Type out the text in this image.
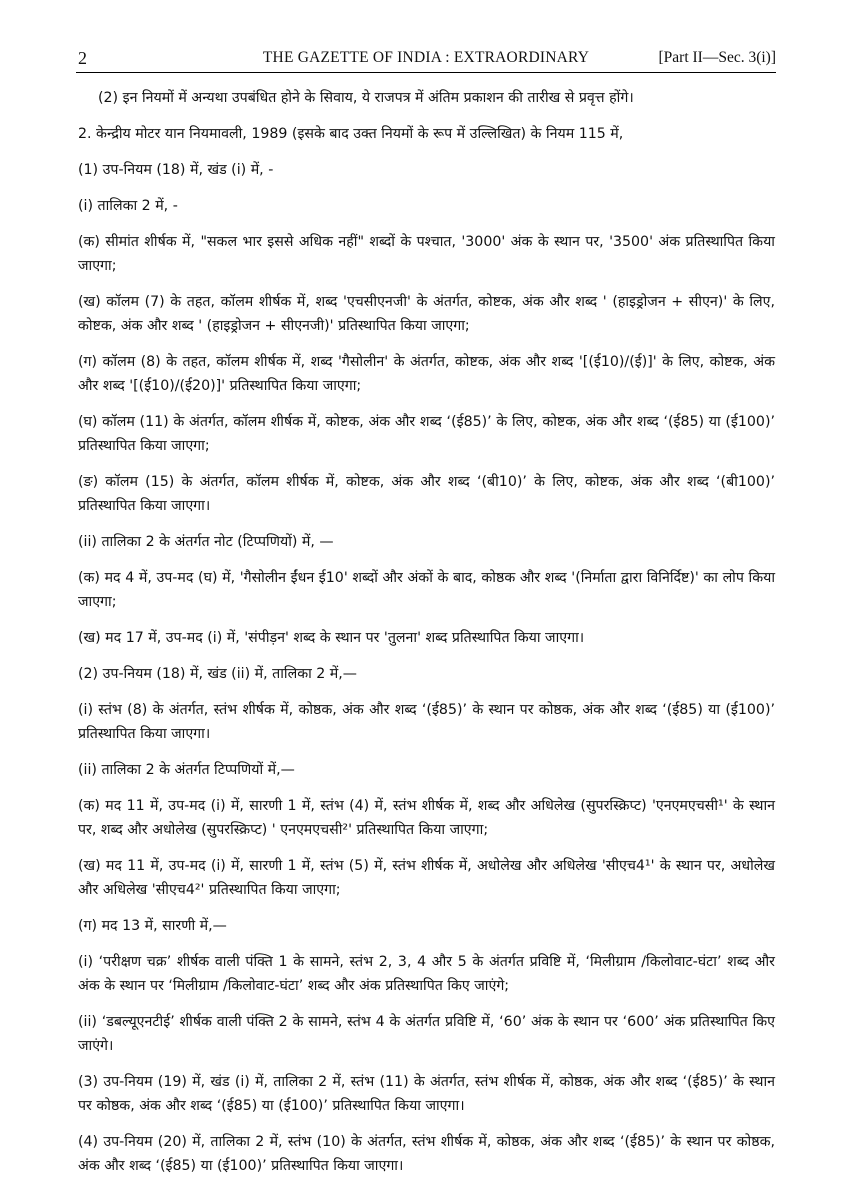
2	THE GAZETTE OF INDIA : EXTRAORDINARY	[Part II—Sec. 3(i)]

(2) इन नियमों में अन्यथा उपबंधित होने के सिवाय, ये राजपत्र में अंतिम प्रकाशन की तारीख से प्रवृत्त होंगे।

2. केन्द्रीय मोटर यान नियमावली, 1989 (इसके बाद उक्त नियमों के रूप में उल्लिखित) के नियम 115 में,

(1) उप-नियम (18) में, खंड (i) में, -

(i) तालिका 2 में, -

(क) सीमांत शीर्षक में, "सकल भार इससे अधिक नहीं" शब्दों के पश्चात, '3000' अंक के स्थान पर, '3500' अंक प्रतिस्थापित किया जाएगा;

(ख) कॉलम (7) के तहत, कॉलम शीर्षक में, शब्द 'एचसीएनजी' के अंतर्गत, कोष्टक, अंक और शब्द ' (हाइड्रोजन + सीएन)' के लिए, कोष्टक, अंक और शब्द ' (हाइड्रोजन + सीएनजी)' प्रतिस्थापित किया जाएगा;

(ग) कॉलम (8) के तहत, कॉलम शीर्षक में, शब्द 'गैसोलीन' के अंतर्गत, कोष्टक, अंक और शब्द '[(ई10)/(ई)]' के लिए, कोष्टक, अंक और शब्द '[(ई10)/(ई20)]' प्रतिस्थापित किया जाएगा;

(घ) कॉलम (11) के अंतर्गत, कॉलम शीर्षक में, कोष्टक, अंक और शब्द ‘(ई85)’ के लिए, कोष्टक, अंक और शब्द ‘(ई85) या (ई100)’ प्रतिस्थापित किया जाएगा;

(ङ) कॉलम (15) के अंतर्गत, कॉलम शीर्षक में, कोष्टक, अंक और शब्द ‘(बी10)’ के लिए, कोष्टक, अंक और शब्द ‘(बी100)’ प्रतिस्थापित किया जाएगा।

(ii) तालिका 2 के अंतर्गत नोट (टिप्पणियों) में, —

(क) मद 4 में, उप-मद (घ) में, 'गैसोलीन ईंधन ई10' शब्दों और अंकों के बाद, कोष्ठक और शब्द '(निर्माता द्वारा विनिर्दिष्ट)' का लोप किया जाएगा;

(ख) मद 17 में, उप-मद (i) में, 'संपीड़न' शब्द के स्थान पर 'तुलना' शब्द प्रतिस्थापित किया जाएगा।

(2) उप-नियम (18) में, खंड (ii) में, तालिका 2 में,—

(i) स्तंभ (8) के अंतर्गत, स्तंभ शीर्षक में, कोष्ठक, अंक और शब्द ‘(ई85)’ के स्थान पर कोष्ठक, अंक और शब्द ‘(ई85) या (ई100)’ प्रतिस्थापित किया जाएगा।

(ii) तालिका 2 के अंतर्गत टिप्पणियों में,—

(क) मद 11 में, उप-मद (i) में, सारणी 1 में, स्तंभ (4) में, स्तंभ शीर्षक में, शब्द और अधिलेख (सुपरस्क्रिप्ट) 'एनएमएचसी¹' के स्थान पर, शब्द और अधोलेख (सुपरस्क्रिप्ट) ' एनएमएचसी²' प्रतिस्थापित किया जाएगा;

(ख) मद 11 में, उप-मद (i) में, सारणी 1 में, स्तंभ (5) में, स्तंभ शीर्षक में, अधोलेख और अधिलेख 'सीएच4¹' के स्थान पर, अधोलेख और अधिलेख 'सीएच4²' प्रतिस्थापित किया जाएगा;

(ग) मद 13 में, सारणी में,—

(i) ‘परीक्षण चक्र’ शीर्षक वाली पंक्ति 1 के सामने, स्तंभ 2, 3, 4 और 5 के अंतर्गत प्रविष्टि में, ‘मिलीग्राम /किलोवाट-घंटा’ शब्द और अंक के स्थान पर ‘मिलीग्राम /किलोवाट-घंटा’ शब्द और अंक प्रतिस्थापित किए जाएंगे;

(ii) ‘डबल्यूएनटीई’ शीर्षक वाली पंक्ति 2 के सामने, स्तंभ 4 के अंतर्गत प्रविष्टि में, ‘60’ अंक के स्थान पर ‘600’ अंक प्रतिस्थापित किए जाएंगे।

(3) उप-नियम (19) में, खंड (i) में, तालिका 2 में, स्तंभ (11) के अंतर्गत, स्तंभ शीर्षक में, कोष्ठक, अंक और शब्द ‘(ई85)’ के स्थान पर कोष्ठक, अंक और शब्द ‘(ई85) या (ई100)’ प्रतिस्थापित किया जाएगा।

(4) उप-नियम (20) में, तालिका 2 में, स्तंभ (10) के अंतर्गत, स्तंभ शीर्षक में, कोष्ठक, अंक और शब्द ‘(ई85)’ के स्थान पर कोष्ठक, अंक और शब्द ‘(ई85) या (ई100)’ प्रतिस्थापित किया जाएगा।
